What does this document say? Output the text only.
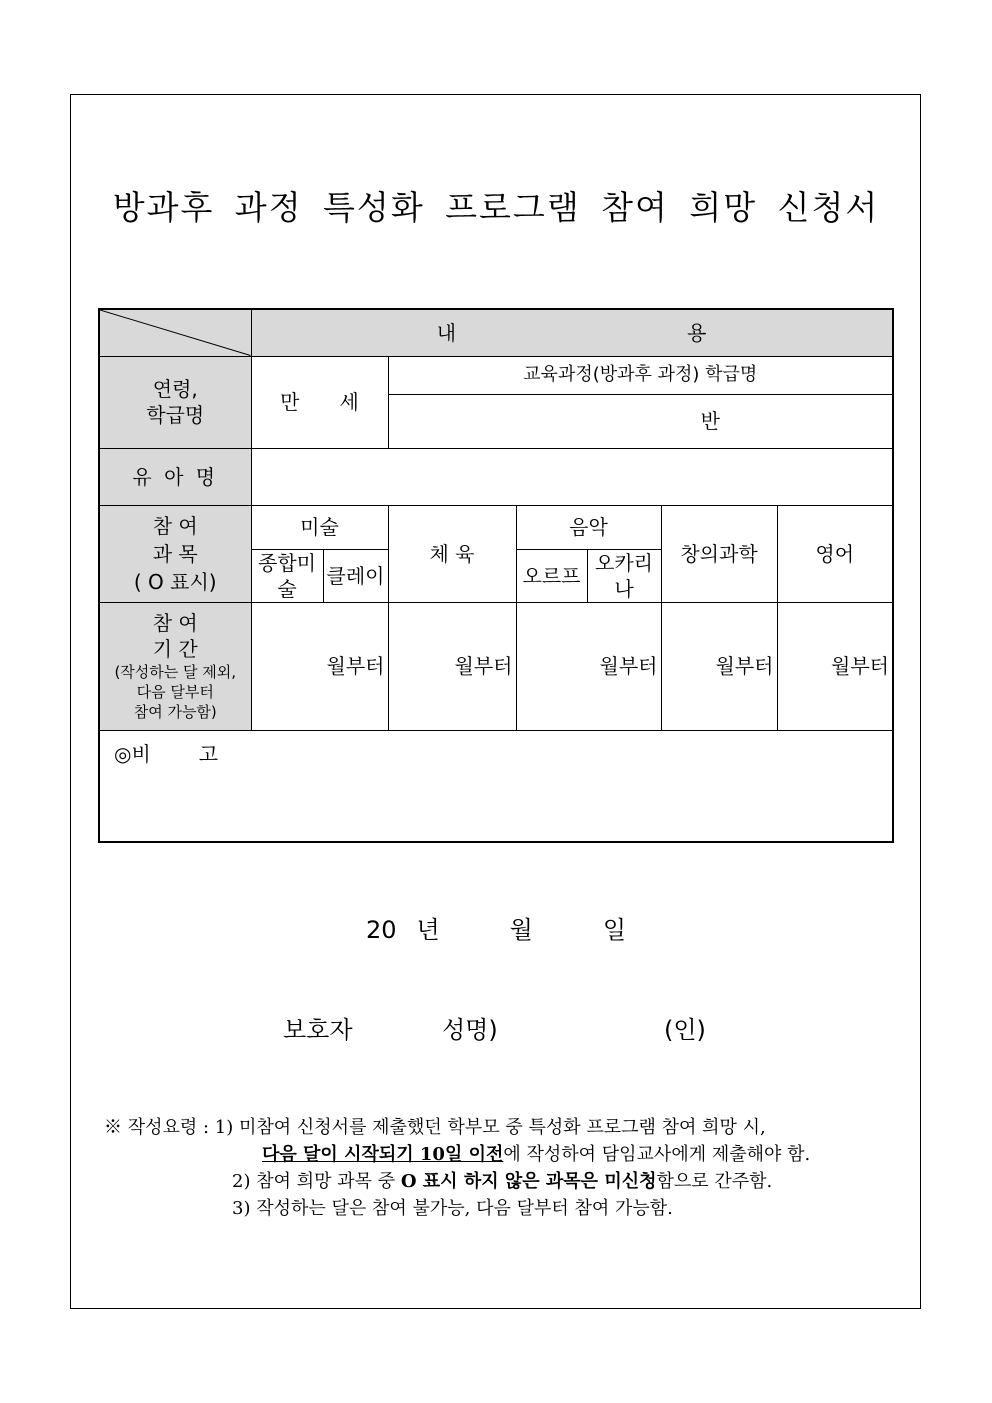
방과후 과정 특성화 프로그램 참여 희망 신청서
	내 용						

연령,
학급명	만 세		교육과정(방과후 과정) 학급명				
			반				
유 아 명							

참 여
과 목
( O 표시)	미술		체 육	음악		창의과학	영어
	종합미술	클레이		오르프	오카리나		

참 여
기 간
(작성하는 달 제외,
다음 달부터
참여 가능함)	월부터		월부터	월부터		월부터	월부터

◎비 고							
20 년	월	일
보호자	성명)	(인)
※ 작성요령 : 1) 미참여 신청서를 제출했던 학부모 중 특성화 프로그램 참여 희망 시,
다음 달이 시작되기 10일 이전에 작성하여 담임교사에게 제출해야 함.
2) 참여 희망 과목 중 O 표시 하지 않은 과목은 미신청함으로 간주함.
3) 작성하는 달은 참여 불가능, 다음 달부터 참여 가능함.
